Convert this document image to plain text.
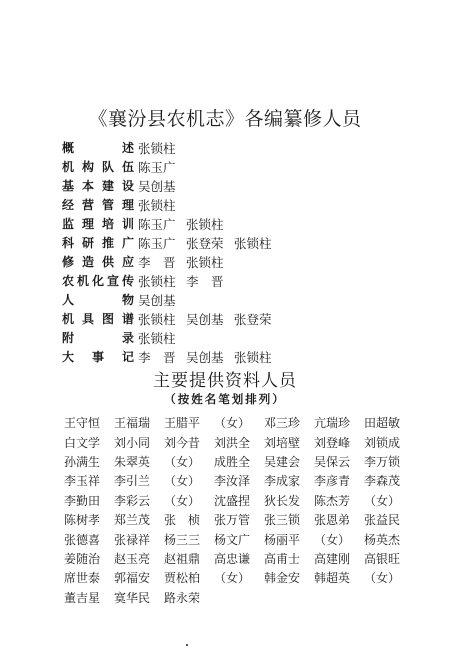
《襄汾县农机志》各编纂修人员
概	述 张锁柱
机 构 队 伍 陈玉广
基 本 建 设 吴创基
经 营 管 理 张锁柱
监 理 培 训 陈玉广 张锁柱
科 研 推 广 陈玉广 张登荣 张锁柱
修 造 供 应 李　晋 张锁柱
农 机 化 宣 传 张锁柱 李　晋
人	物 吴创基
机 具 图 谱 张锁柱 吴创基 张登荣
附	录 张锁柱
大 事 记 李　晋 吴创基 张锁柱
主要提供资料人员
（按姓名笔划排列）
王守恒	王福瑞	王腊平	（女）	邓三珍	亢瑞珍	田超敏
白文学	刘小同	刘今昔	刘洪全	刘培壁	刘登峰	刘锁成
孙满生	朱翠英	（女）	成胜全	吴建会	吴保云	李万锁
李玉祥	李引兰	（女）	李汝泽	李成家	李彦青	李森茂
李勤田	李彩云	（女）	沈盛捏	狄长发	陈杰芳	（女）
陈树孝	郑兰茂	张　桢	张万管	张三锁	张恩弟	张益民
张德喜	张禄祥	杨三三	杨文广	杨丽平	（女）	杨英杰
姜随治	赵玉亮	赵祖鼎	高忠谦	高甫士	高建刚	高银旺
席世泰	郭福安	贾松柏	（女）	韩金安	韩超英	（女）
董吉星	寞华民	路永荣
